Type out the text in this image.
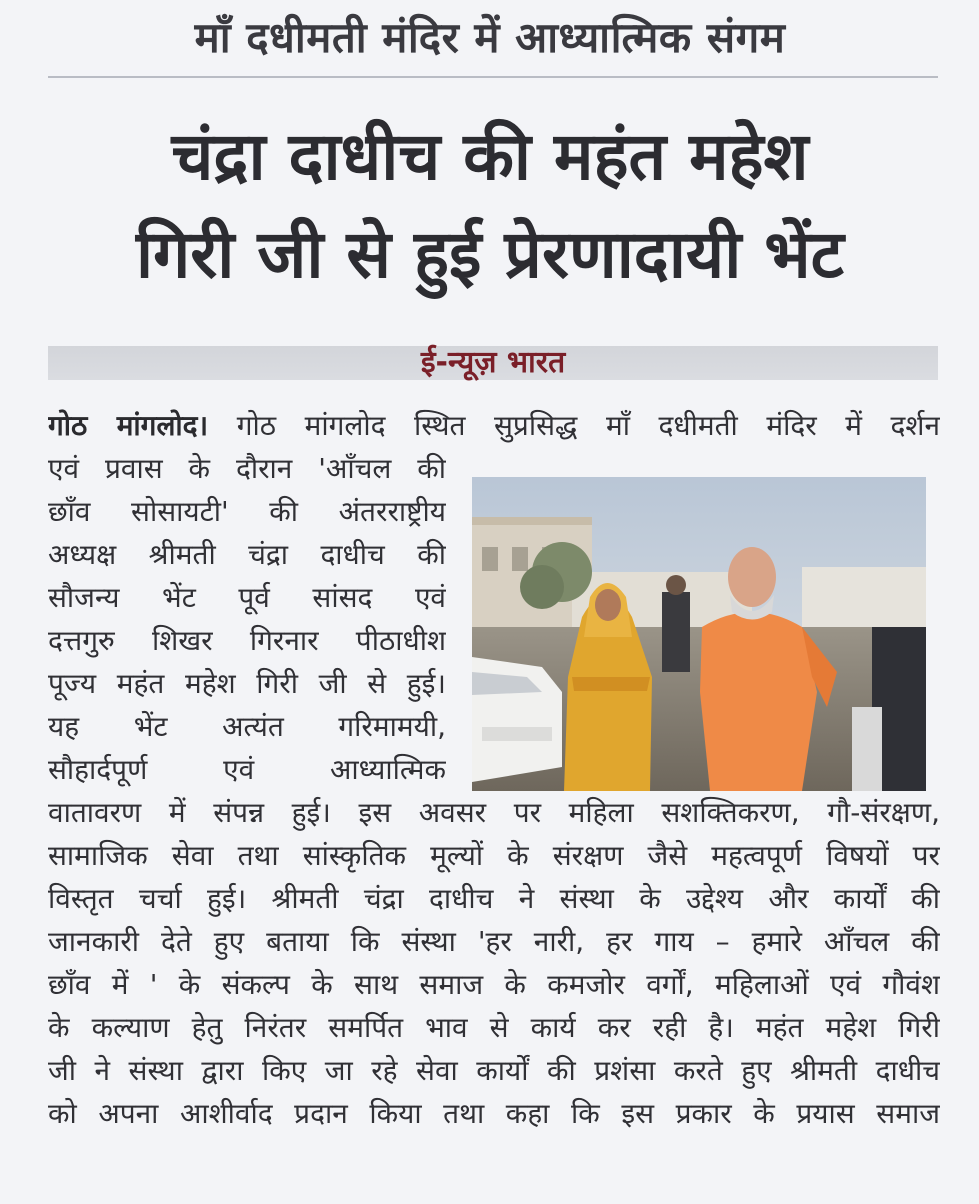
माँ दधीमती मंदिर में आध्यात्मिक संगम
चंद्रा दाधीच की महंत महेश
गिरी जी से हुई प्रेरणादायी भेंट
ई-न्यूज़ भारत
गोठ मांगलोद। गोठ मांगलोद स्थित सुप्रसिद्ध माँ दधीमती मंदिर में दर्शन
एवं प्रवास के दौरान 'आँचल की
छाँव सोसायटी' की अंतरराष्ट्रीय
अध्यक्ष श्रीमती चंद्रा दाधीच की
सौजन्य भेंट पूर्व सांसद एवं
दत्तगुरु शिखर गिरनार पीठाधीश
पूज्य महंत महेश गिरी जी से हुई।
यह भेंट अत्यंत गरिमामयी,
सौहार्दपूर्ण एवं आध्यात्मिक
वातावरण में संपन्न हुई। इस अवसर पर महिला सशक्तिकरण, गौ-संरक्षण,
सामाजिक सेवा तथा सांस्कृतिक मूल्यों के संरक्षण जैसे महत्वपूर्ण विषयों पर
विस्तृत चर्चा हुई। श्रीमती चंद्रा दाधीच ने संस्था के उद्देश्य और कार्यों की
जानकारी देते हुए बताया कि संस्था 'हर नारी, हर गाय – हमारे आँचल की
छाँव में ' के संकल्प के साथ समाज के कमजोर वर्गों, महिलाओं एवं गौवंश
के कल्याण हेतु निरंतर समर्पित भाव से कार्य कर रही है। महंत महेश गिरी
जी ने संस्था द्वारा किए जा रहे सेवा कार्यों की प्रशंसा करते हुए श्रीमती दाधीच
को अपना आशीर्वाद प्रदान किया तथा कहा कि इस प्रकार के प्रयास समाज
